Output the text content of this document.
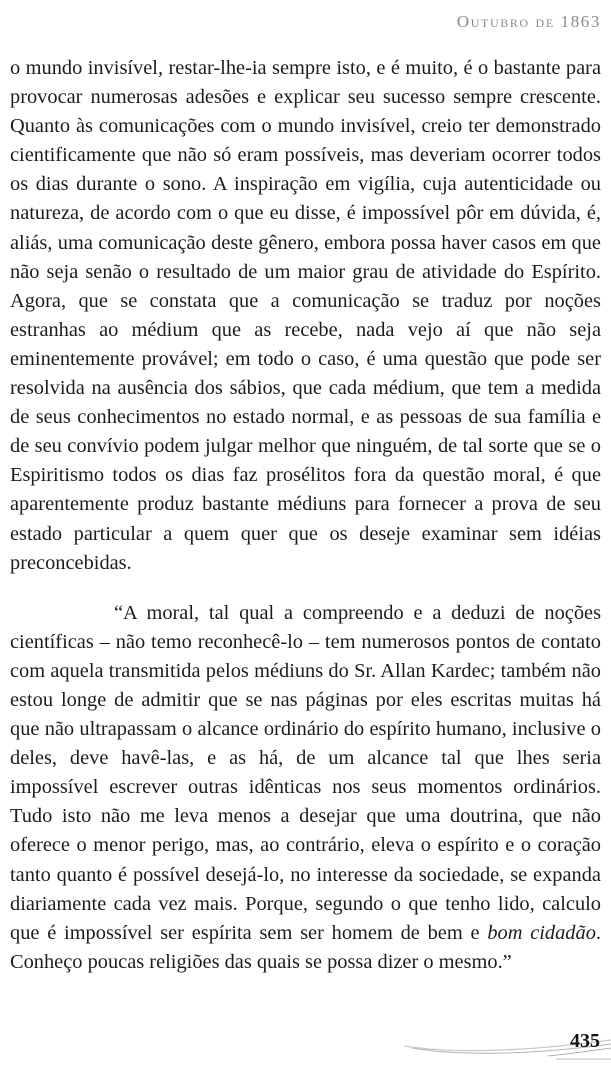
Outubro de 1863

o mundo invisível, restar-lhe-ia sempre isto, e é muito, é o bastante para provocar numerosas adesões e explicar seu sucesso sempre crescente. Quanto às comunicações com o mundo invisível, creio ter demonstrado cientificamente que não só eram possíveis, mas deveriam ocorrer todos os dias durante o sono. A inspiração em vigília, cuja autenticidade ou natureza, de acordo com o que eu disse, é impossível pôr em dúvida, é, aliás, uma comunicação deste gênero, embora possa haver casos em que não seja senão o resultado de um maior grau de atividade do Espírito. Agora, que se constata que a comunicação se traduz por noções estranhas ao médium que as recebe, nada vejo aí que não seja eminentemente provável; em todo o caso, é uma questão que pode ser resolvida na ausência dos sábios, que cada médium, que tem a medida de seus conhecimentos no estado normal, e as pessoas de sua família e de seu convívio podem julgar melhor que ninguém, de tal sorte que se o Espiritismo todos os dias faz prosélitos fora da questão moral, é que aparentemente produz bastante médiuns para fornecer a prova de seu estado particular a quem quer que os deseje examinar sem idéias preconcebidas.

“A moral, tal qual a compreendo e a deduzi de noções científicas – não temo reconhecê-lo – tem numerosos pontos de contato com aquela transmitida pelos médiuns do Sr. Allan Kardec; também não estou longe de admitir que se nas páginas por eles escritas muitas há que não ultrapassam o alcance ordinário do espírito humano, inclusive o deles, deve havê-las, e as há, de um alcance tal que lhes seria impossível escrever outras idênticas nos seus momentos ordinários. Tudo isto não me leva menos a desejar que uma doutrina, que não oferece o menor perigo, mas, ao contrário, eleva o espírito e o coração tanto quanto é possível desejá-lo, no interesse da sociedade, se expanda diariamente cada vez mais. Porque, segundo o que tenho lido, calculo que é impossível ser espírita sem ser homem de bem e bom cidadão. Conheço poucas religiões das quais se possa dizer o mesmo.”

435
